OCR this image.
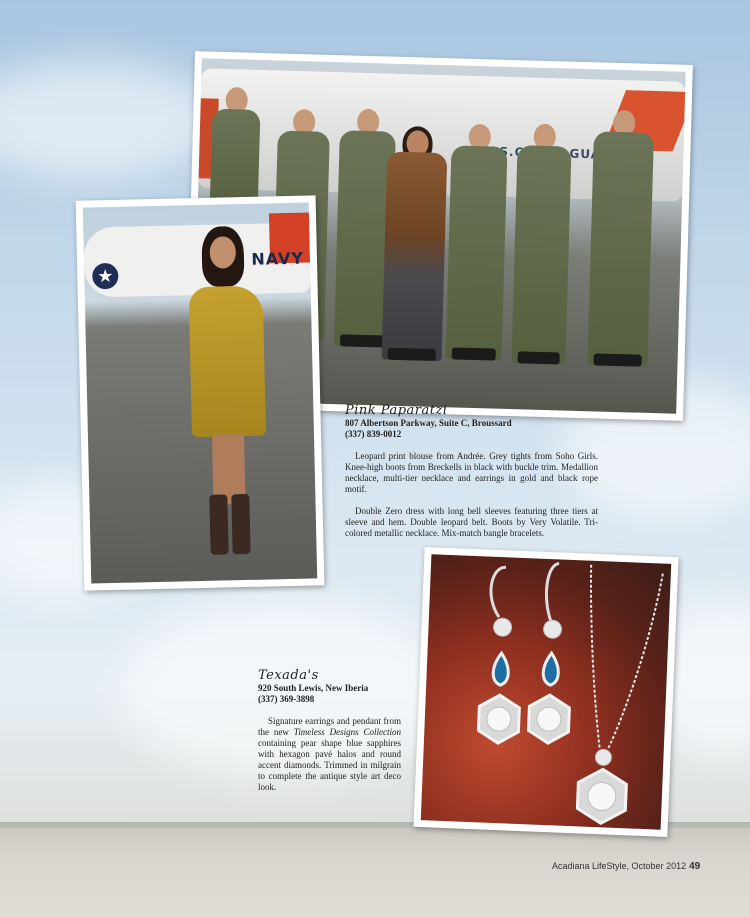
★
NAVY

Pink Paparatzi

807 Albertson Parkway, Suite C, Broussard

(337) 839-0012

Leopard print blouse from Andrée. Grey tights from Soho Girls. Knee-high boots from Breckells in black with buckle trim. Medallion necklace, multi-tier necklace and earrings in gold and black rope motif.

Double Zero dress with long bell sleeves featuring three tiers at sleeve and hem. Double leopard belt. Boots by Very Volatile. Tri-colored metallic necklace. Mix-match bangle bracelets.

Texada's

920 South Lewis, New Iberia

(337) 369-3898

Signature earrings and pendant from the new Timeless Designs Collection containing pear shape blue sapphires with hexagon pavé halos and round accent diamonds. Trimmed in milgrain to complete the antique style art deco look.

Acadiana LifeStyle, October 2012 49
